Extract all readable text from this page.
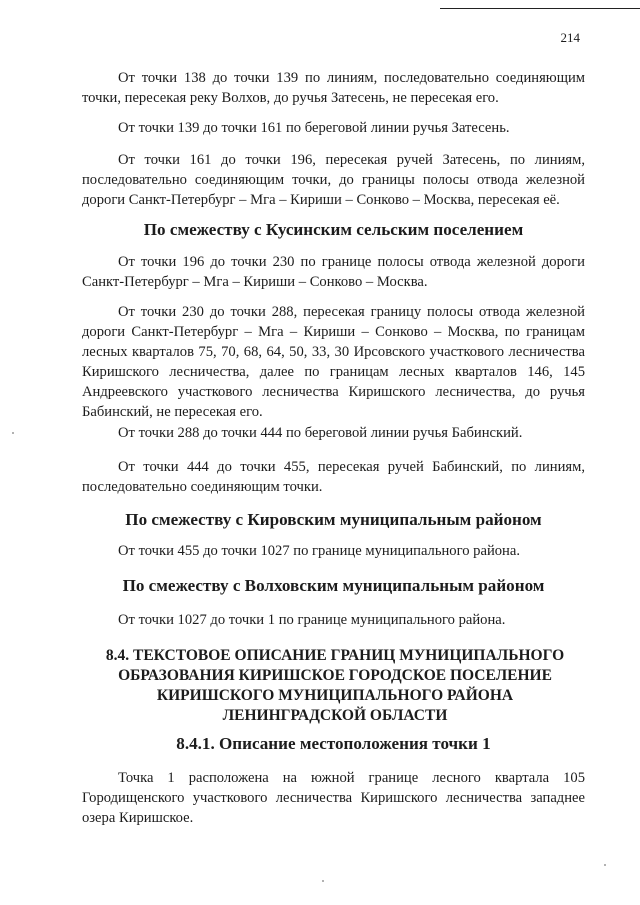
214

От точки 138 до точки 139 по линиям, последовательно соединяющим точки, пересекая реку Волхов, до ручья Затесень, не пересекая его.

От точки 139 до точки 161 по береговой линии ручья Затесень.

От точки 161 до точки 196, пересекая ручей Затесень, по линиям, последовательно соединяющим точки, до границы полосы отвода железной дороги Санкт-Петербург – Мга – Кириши – Сонково – Москва, пересекая её.

По смежеству с Кусинским сельским поселением

От точки 196 до точки 230 по границе полосы отвода железной дороги Санкт-Петербург – Мга – Кириши – Сонково – Москва.

От точки 230 до точки 288, пересекая границу полосы отвода железной дороги Санкт-Петербург – Мга – Кириши – Сонково – Москва, по границам лесных кварталов 75, 70, 68, 64, 50, 33, 30 Ирсовского участкового лесничества Киришского лесничества, далее по границам лесных кварталов 146, 145 Андреевского участкового лесничества Киришского лесничества, до ручья Бабинский, не пересекая его.

От точки 288 до точки 444 по береговой линии ручья Бабинский.

От точки 444 до точки 455, пересекая ручей Бабинский, по линиям, последовательно соединяющим точки.

По смежеству с Кировским муниципальным районом

От точки 455 до точки 1027 по границе муниципального района.

По смежеству с Волховским муниципальным районом

От точки 1027 до точки 1 по границе муниципального района.

8.4. ТЕКСТОВОЕ ОПИСАНИЕ ГРАНИЦ МУНИЦИПАЛЬНОГО
ОБРАЗОВАНИЯ КИРИШСКОЕ ГОРОДСКОЕ ПОСЕЛЕНИЕ
КИРИШСКОГО МУНИЦИПАЛЬНОГО РАЙОНА
ЛЕНИНГРАДСКОЙ ОБЛАСТИ
8.4.1. Описание местоположения точки 1

Точка 1 расположена на южной границе лесного квартала 105 Городищенского участкового лесничества Киришского лесничества западнее озера Киришское.
